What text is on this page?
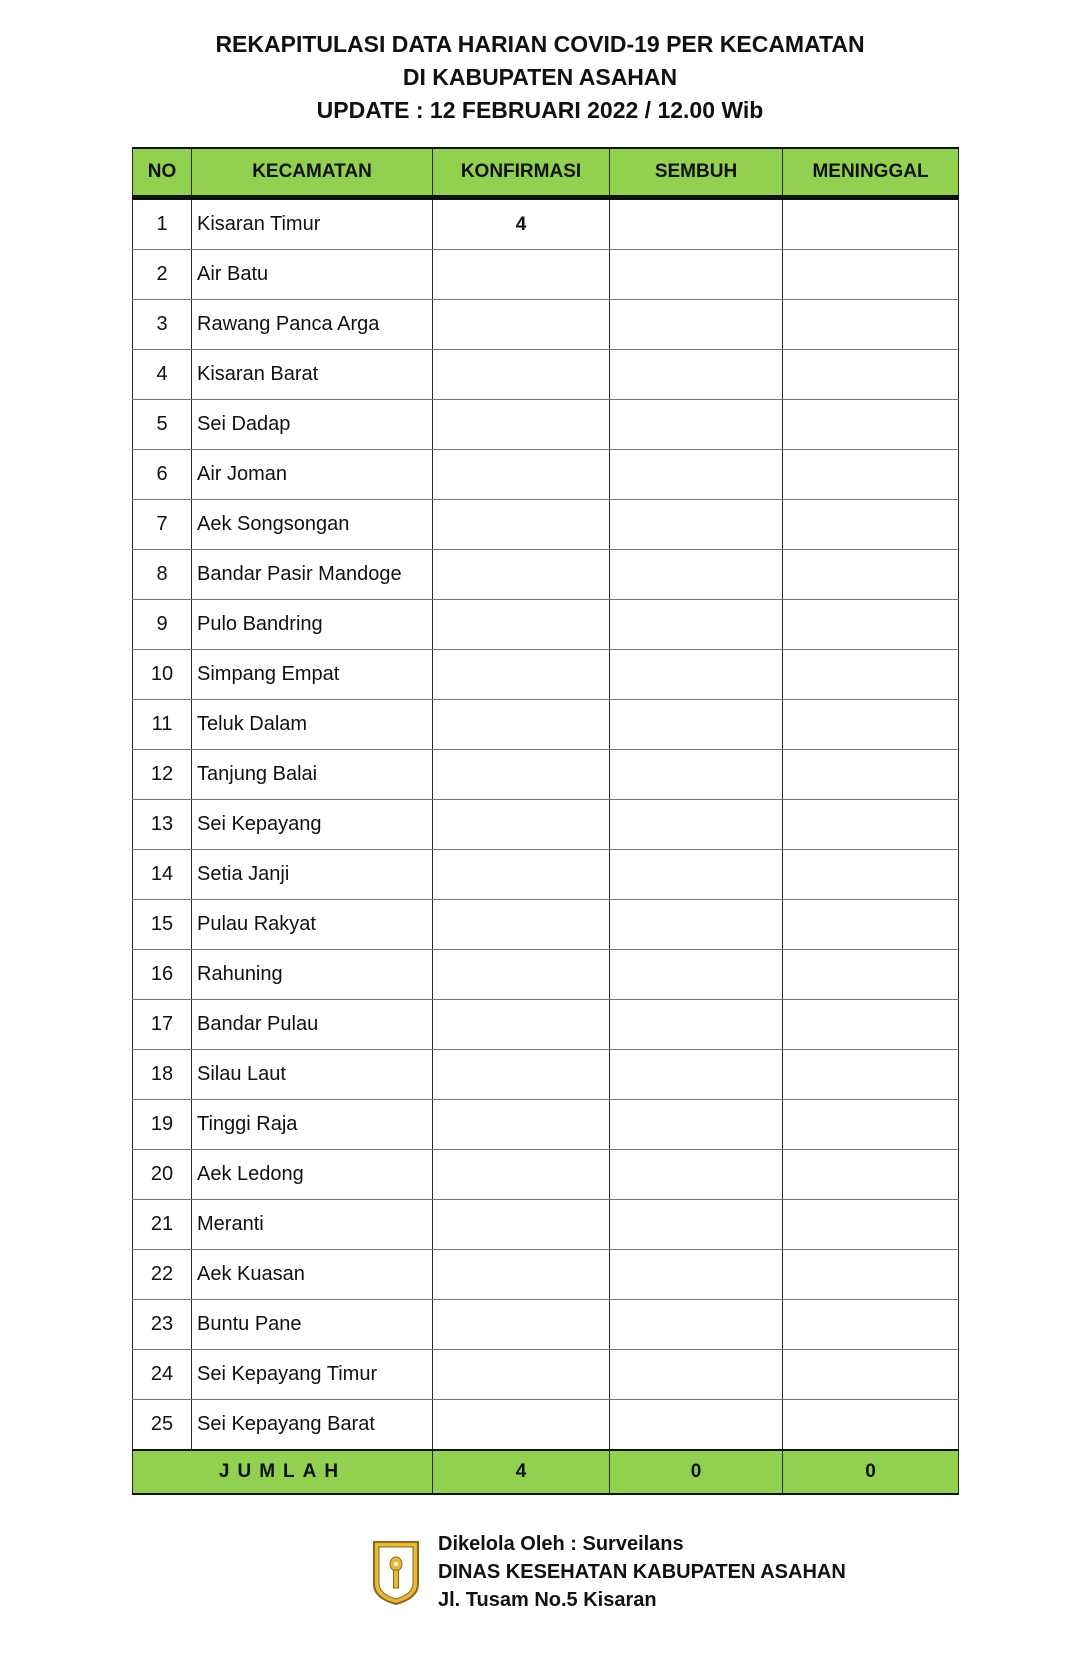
REKAPITULASI DATA HARIAN COVID-19 PER KECAMATAN
DI KABUPATEN ASAHAN
UPDATE : 12 FEBRUARI 2022 / 12.00 Wib
NO	KECAMATAN	KONFIRMASI	SEMBUH	MENINGGAL
1	Kisaran Timur	4		
2	Air Batu			
3	Rawang Panca Arga			
4	Kisaran Barat			
5	Sei Dadap			
6	Air Joman			
7	Aek Songsongan			
8	Bandar Pasir Mandoge			
9	Pulo Bandring			
10	Simpang Empat			
11	Teluk Dalam			
12	Tanjung Balai			
13	Sei Kepayang			
14	Setia Janji			
15	Pulau Rakyat			
16	Rahuning			
17	Bandar Pulau			
18	Silau Laut			
19	Tinggi Raja			
20	Aek Ledong			
21	Meranti			
22	Aek Kuasan			
23	Buntu Pane			
24	Sei Kepayang Timur			
25	Sei Kepayang Barat			
JUMLAH		4	0	0
Dikelola Oleh : Surveilans
DINAS KESEHATAN KABUPATEN ASAHAN
Jl. Tusam No.5 Kisaran
